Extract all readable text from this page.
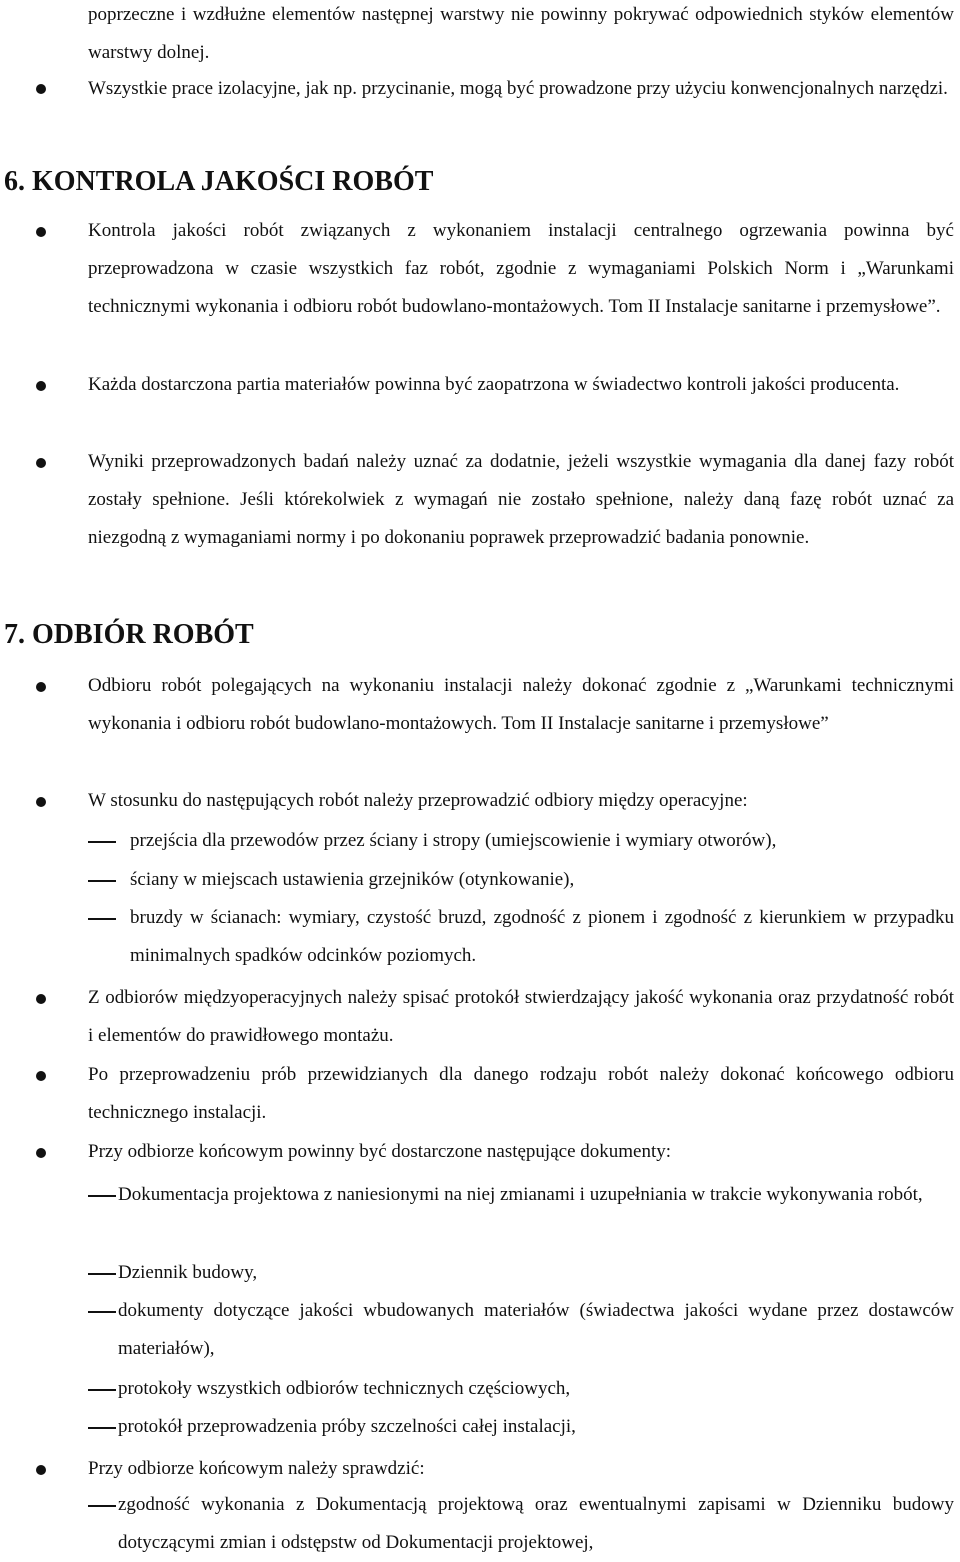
poprzeczne i wzdłużne elementów następnej warstwy nie powinny pokrywać odpowiednich styków elementów warstwy dolnej.

Wszystkie prace izolacyjne, jak np. przycinanie, mogą być prowadzone przy użyciu konwencjonalnych narzędzi.

6. KONTROLA JAKOŚCI ROBÓT

Kontrola jakości robót związanych z wykonaniem instalacji centralnego ogrzewania powinna być przeprowadzona w czasie wszystkich faz robót, zgodnie z wymaganiami Polskich Norm i „Warunkami technicznymi wykonania i odbioru robót budowlano-montażowych. Tom II Instalacje sanitarne i przemysłowe”.

Każda dostarczona partia materiałów powinna być zaopatrzona w świadectwo kontroli jakości producenta.

Wyniki przeprowadzonych badań należy uznać za dodatnie, jeżeli wszystkie wymagania dla danej fazy robót zostały spełnione. Jeśli którekolwiek z wymagań nie zostało spełnione, należy daną fazę robót uznać za niezgodną z wymaganiami normy i po dokonaniu poprawek przeprowadzić badania ponownie.

7. ODBIÓR ROBÓT

Odbioru robót polegających na wykonaniu instalacji należy dokonać zgodnie z „Warunkami technicznymi wykonania i odbioru robót budowlano-montażowych. Tom II Instalacje sanitarne i przemysłowe”

W stosunku do następujących robót należy przeprowadzić odbiory między operacyjne:

przejścia dla przewodów przez ściany i stropy (umiejscowienie i wymiary otworów),

ściany w miejscach ustawienia grzejników (otynkowanie),

bruzdy w ścianach: wymiary, czystość bruzd, zgodność z pionem i zgodność z kierunkiem w przypadku minimalnych spadków odcinków poziomych.

Z odbiorów międzyoperacyjnych należy spisać protokół stwierdzający jakość wykonania oraz przydatność robót i elementów do prawidłowego montażu.

Po przeprowadzeniu prób przewidzianych dla danego rodzaju robót należy dokonać końcowego odbioru technicznego instalacji.

Przy odbiorze końcowym powinny być dostarczone następujące dokumenty:

Dokumentacja projektowa z naniesionymi na niej zmianami i uzupełniania w trakcie wykonywania robót,

Dziennik budowy,

dokumenty dotyczące jakości wbudowanych materiałów (świadectwa jakości wydane przez dostawców materiałów),

protokoły wszystkich odbiorów technicznych częściowych,

protokół przeprowadzenia próby szczelności całej instalacji,

Przy odbiorze końcowym należy sprawdzić:

zgodność wykonania z Dokumentacją projektową oraz ewentualnymi zapisami w Dzienniku budowy dotyczącymi zmian i odstępstw od Dokumentacji projektowej,
